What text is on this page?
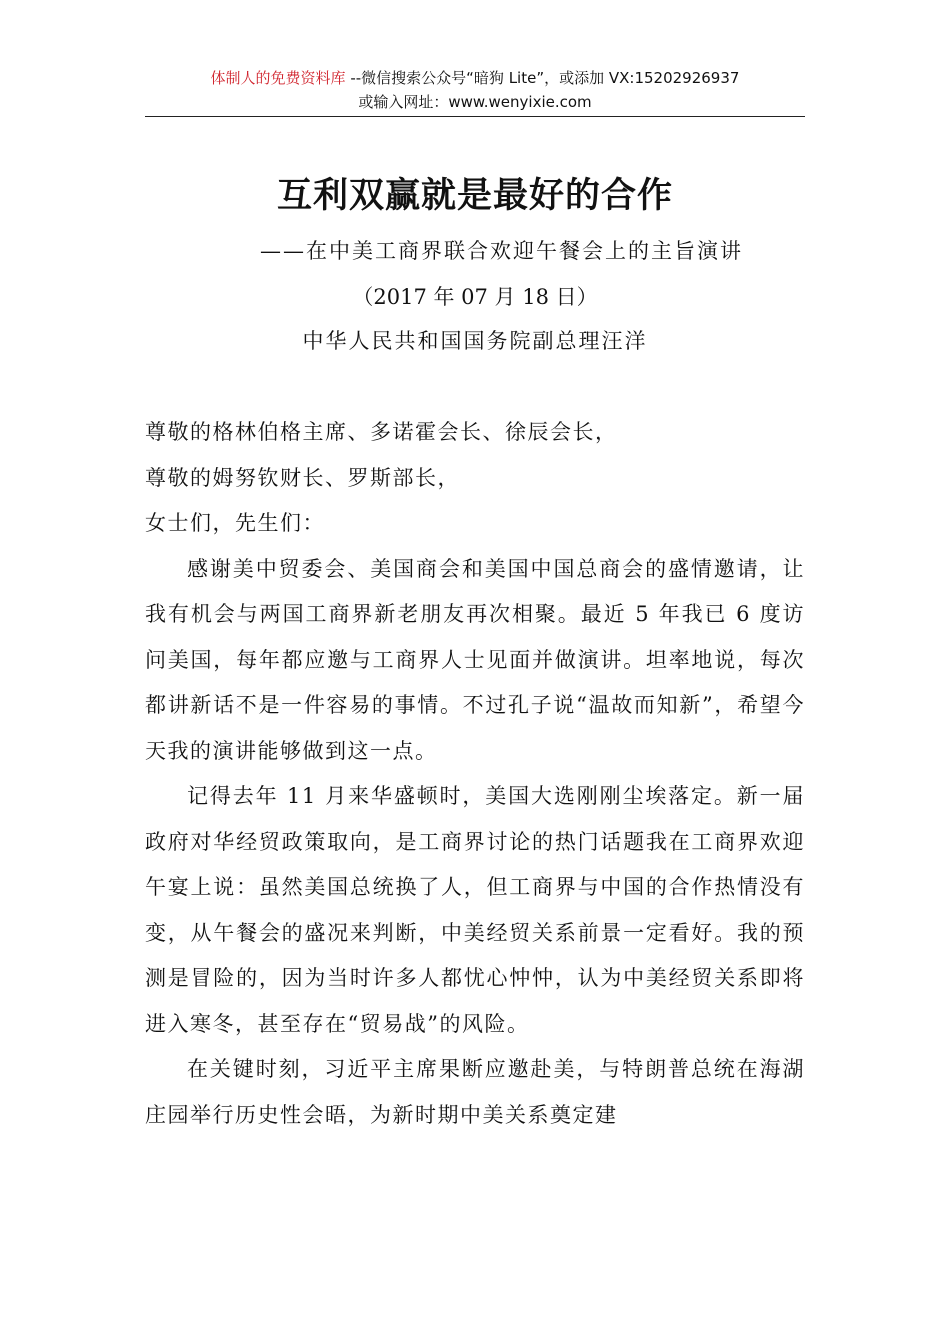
体制人的免费资料库 --微信搜索公众号“暗狗 Lite”，或添加 VX:15202926937
或输入网址：www.wenyixie.com
互利双赢就是最好的合作
——在中美工商界联合欢迎午餐会上的主旨演讲
（2017 年 07 月 18 日）
中华人民共和国国务院副总理汪洋

尊敬的格林伯格主席、多诺霍会长、徐辰会长，

尊敬的姆努钦财长、罗斯部长，

女士们，先生们：

感谢美中贸委会、美国商会和美国中国总商会的盛情邀请，让我有机会与两国工商界新老朋友再次相聚。最近 5 年我已 6 度访问美国，每年都应邀与工商界人士见面并做演讲。坦率地说，每次都讲新话不是一件容易的事情。不过孔子说“温故而知新”，希望今天我的演讲能够做到这一点。

记得去年 11 月来华盛顿时，美国大选刚刚尘埃落定。新一届政府对华经贸政策取向，是工商界讨论的热门话题我在工商界欢迎午宴上说：虽然美国总统换了人，但工商界与中国的合作热情没有变，从午餐会的盛况来判断，中美经贸关系前景一定看好。我的预测是冒险的，因为当时许多人都忧心忡忡，认为中美经贸关系即将进入寒冬，甚至存在“贸易战”的风险。

在关键时刻，习近平主席果断应邀赴美，与特朗普总统在海湖庄园举行历史性会晤，为新时期中美关系奠定建
